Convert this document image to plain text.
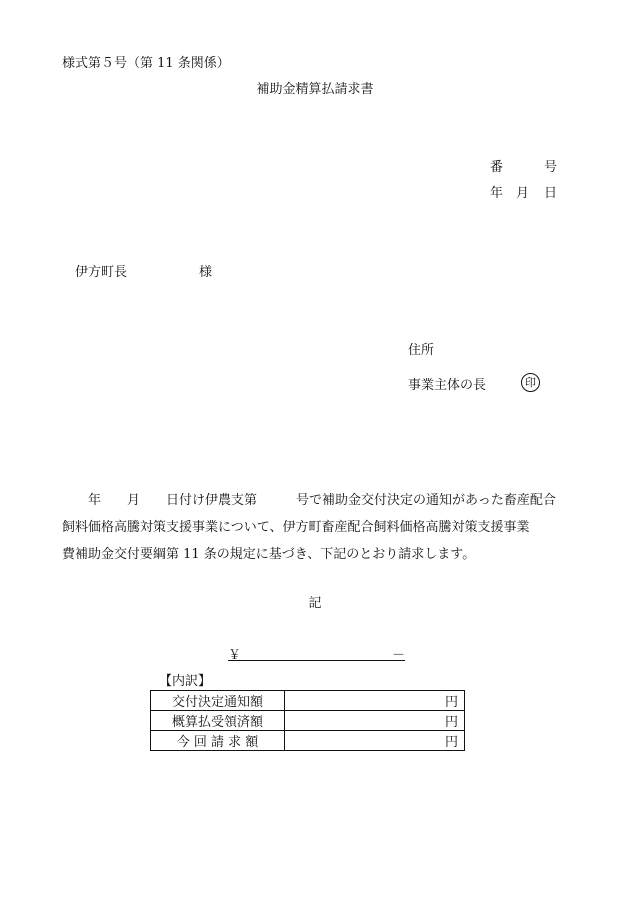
様式第５号（第 11 条関係）
補助金精算払請求書
番	号
年 月 日
伊方町長	様
住所
事業主体の長	印

　　年　　月　　日付け伊農支第　　　号で補助金交付決定の通知があった畜産配合

飼料価格高騰対策支援事業について、伊方町畜産配合飼料価格高騰対策支援事業

費補助金交付要綱第 11 条の規定に基づき、下記のとおり請求します。

記
￥	－
【内訳】
交付決定通知額	円
概算払受領済額	円
今 回 請 求 額	円
